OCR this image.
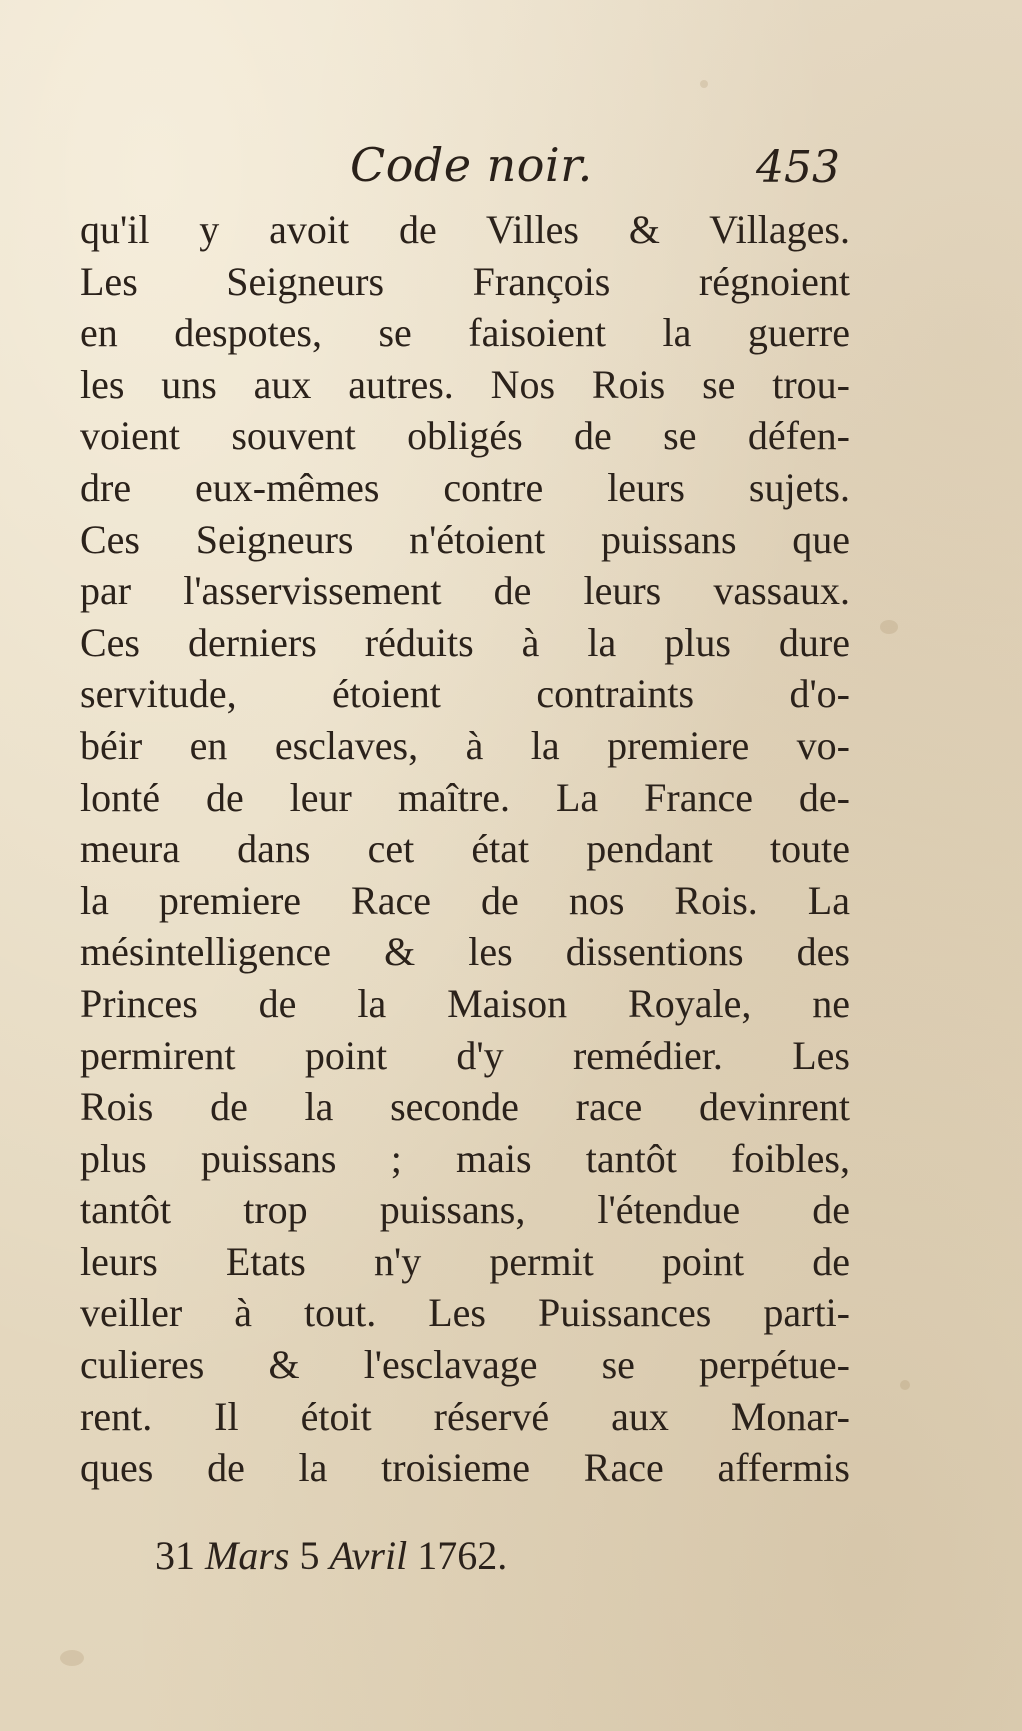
Code noir.	453
qu'il y avoit de Villes & Villages.
Les Seigneurs François régnoient
en despotes, se faisoient la guerre
les uns aux autres. Nos Rois se trou-
voient souvent obligés de se défen-
dre eux-mêmes contre leurs sujets.
Ces Seigneurs n'étoient puissans que
par l'asservissement de leurs vassaux.
Ces derniers réduits à la plus dure
servitude, étoient contraints d'o-
béir en esclaves, à la premiere vo-
lonté de leur maître. La France de-
meura dans cet état pendant toute
la premiere Race de nos Rois. La
mésintelligence & les dissentions des
Princes de la Maison Royale, ne
permirent point d'y remédier. Les
Rois de la seconde race devinrent
plus puissans ; mais tantôt foibles,
tantôt trop puissans, l'étendue de
leurs Etats n'y permit point de
veiller à tout. Les Puissances parti-
culieres & l'esclavage se perpétue-
rent. Il étoit réservé aux Monar-
ques de la troisieme Race affermis
31 Mars 5 Avril 1762.
